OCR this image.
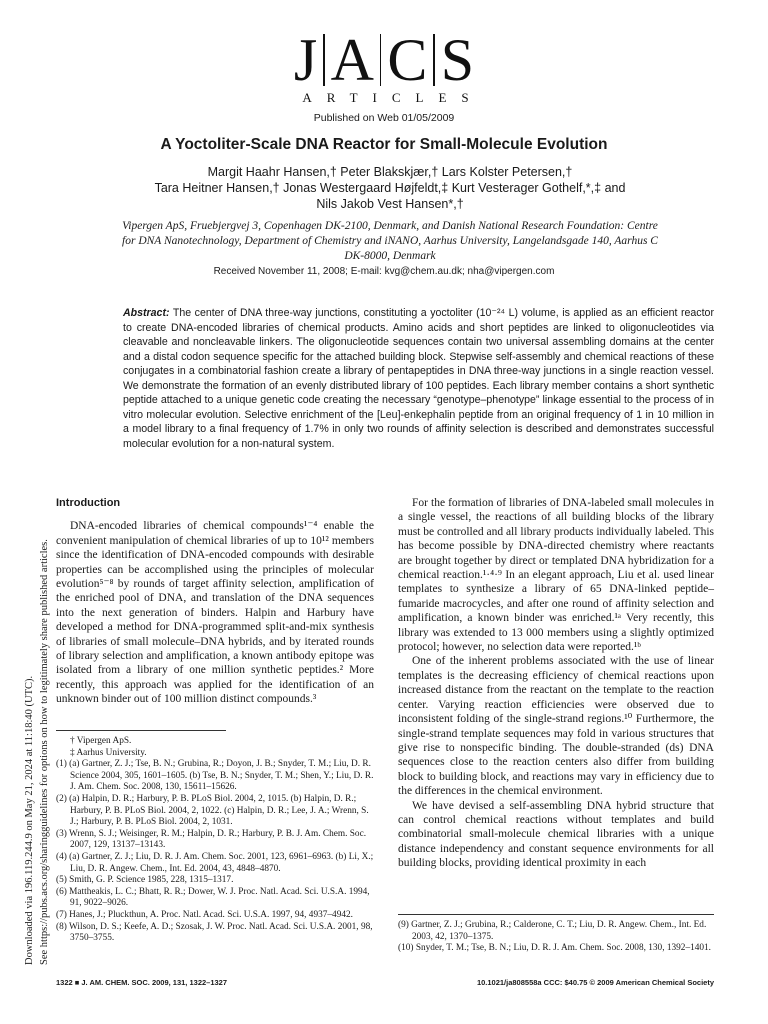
Downloaded via 196.119.244.9 on May 21, 2024 at 11:18:40 (UTC). See https://pubs.acs.org/sharingguidelines for options on how to legitimately share published articles.
J A C S
ARTICLES
Published on Web 01/05/2009
A Yoctoliter-Scale DNA Reactor for Small-Molecule Evolution
Margit Haahr Hansen,† Peter Blakskjær,† Lars Kolster Petersen,†
Tara Heitner Hansen,† Jonas Westergaard Højfeldt,‡ Kurt Vesterager Gothelf,*,‡ and
Nils Jakob Vest Hansen*,†
Vipergen ApS, Fruebjergvej 3, Copenhagen DK-2100, Denmark, and Danish National Research Foundation: Centre for DNA Nanotechnology, Department of Chemistry and iNANO, Aarhus University, Langelandsgade 140, Aarhus C DK-8000, Denmark
Received November 11, 2008; E-mail: kvg@chem.au.dk; nha@vipergen.com
Abstract: The center of DNA three-way junctions, constituting a yoctoliter (10⁻²⁴ L) volume, is applied as an efficient reactor to create DNA-encoded libraries of chemical products. Amino acids and short peptides are linked to oligonucleotides via cleavable and noncleavable linkers. The oligonucleotide sequences contain two universal assembling domains at the center and a distal codon sequence specific for the attached building block. Stepwise self-assembly and chemical reactions of these conjugates in a combinatorial fashion create a library of pentapeptides in DNA three-way junctions in a single reaction vessel. We demonstrate the formation of an evenly distributed library of 100 peptides. Each library member contains a short synthetic peptide attached to a unique genetic code creating the necessary “genotype–phenotype” linkage essential to the process of in vitro molecular evolution. Selective enrichment of the [Leu]-enkephalin peptide from an original frequency of 1 in 10 million in a model library to a final frequency of 1.7% in only two rounds of affinity selection is described and demonstrates successful molecular evolution for a non-natural system.
Introduction

DNA-encoded libraries of chemical compounds¹⁻⁴ enable the convenient manipulation of chemical libraries of up to 10¹² members since the identification of DNA-encoded compounds with desirable properties can be accomplished using the principles of molecular evolution⁵⁻⁸ by rounds of target affinity selection, amplification of the enriched pool of DNA, and translation of the DNA sequences into the next generation of binders. Halpin and Harbury have developed a method for DNA-programmed split-and-mix synthesis of libraries of small molecule–DNA hybrids, and by iterated rounds of library selection and amplification, a known antibody epitope was isolated from a library of one million synthetic peptides.² More recently, this approach was applied for the identification of an unknown binder out of 100 million distinct compounds.³

For the formation of libraries of DNA-labeled small molecules in a single vessel, the reactions of all building blocks of the library must be controlled and all library products individually labeled. This has become possible by DNA-directed chemistry where reactants are brought together by direct or templated DNA hybridization for a chemical reaction.¹·⁴·⁹ In an elegant approach, Liu et al. used linear templates to synthesize a library of 65 DNA-linked peptide–fumaride macrocycles, and after one round of affinity selection and amplification, a known binder was enriched.¹ᵃ Very recently, this library was extended to 13 000 members using a slightly optimized protocol; however, no selection data were reported.¹ᵇ

One of the inherent problems associated with the use of linear templates is the decreasing efficiency of chemical reactions upon increased distance from the reactant on the template to the reaction center. Varying reaction efficiencies were observed due to inconsistent folding of the single-strand regions.¹⁰ Furthermore, the single-strand template sequences may fold in various structures that give rise to nonspecific binding. The double-stranded (ds) DNA sequences close to the reaction centers also differ from building block to building block, and reactions may vary in efficiency due to the differences in the chemical environment.

We have devised a self-assembling DNA hybrid structure that can control chemical reactions without templates and build combinatorial small-molecule chemical libraries with a unique distance independency and constant sequence environments for all building blocks, providing identical proximity in each

† Vipergen ApS.

‡ Aarhus University.

(1) (a) Gartner, Z. J.; Tse, B. N.; Grubina, R.; Doyon, J. B.; Snyder, T. M.; Liu, D. R. Science 2004, 305, 1601–1605. (b) Tse, B. N.; Snyder, T. M.; Shen, Y.; Liu, D. R. J. Am. Chem. Soc. 2008, 130, 15611–15626.

(2) (a) Halpin, D. R.; Harbury, P. B. PLoS Biol. 2004, 2, 1015. (b) Halpin, D. R.; Harbury, P. B. PLoS Biol. 2004, 2, 1022. (c) Halpin, D. R.; Lee, J. A.; Wrenn, S. J.; Harbury, P. B. PLoS Biol. 2004, 2, 1031.

(3) Wrenn, S. J.; Weisinger, R. M.; Halpin, D. R.; Harbury, P. B. J. Am. Chem. Soc. 2007, 129, 13137–13143.

(4) (a) Gartner, Z. J.; Liu, D. R. J. Am. Chem. Soc. 2001, 123, 6961–6963. (b) Li, X.; Liu, D. R. Angew. Chem., Int. Ed. 2004, 43, 4848–4870.

(5) Smith, G. P. Science 1985, 228, 1315–1317.

(6) Mattheakis, L. C.; Bhatt, R. R.; Dower, W. J. Proc. Natl. Acad. Sci. U.S.A. 1994, 91, 9022–9026.

(7) Hanes, J.; Pluckthun, A. Proc. Natl. Acad. Sci. U.S.A. 1997, 94, 4937–4942.

(8) Wilson, D. S.; Keefe, A. D.; Szosak, J. W. Proc. Natl. Acad. Sci. U.S.A. 2001, 98, 3750–3755.

(9) Gartner, Z. J.; Grubina, R.; Calderone, C. T.; Liu, D. R. Angew. Chem., Int. Ed. 2003, 42, 1370–1375.

(10) Snyder, T. M.; Tse, B. N.; Liu, D. R. J. Am. Chem. Soc. 2008, 130, 1392–1401.

1322 ■ J. AM. CHEM. SOC. 2009, 131, 1322–1327	10.1021/ja808558a CCC: $40.75 © 2009 American Chemical Society
